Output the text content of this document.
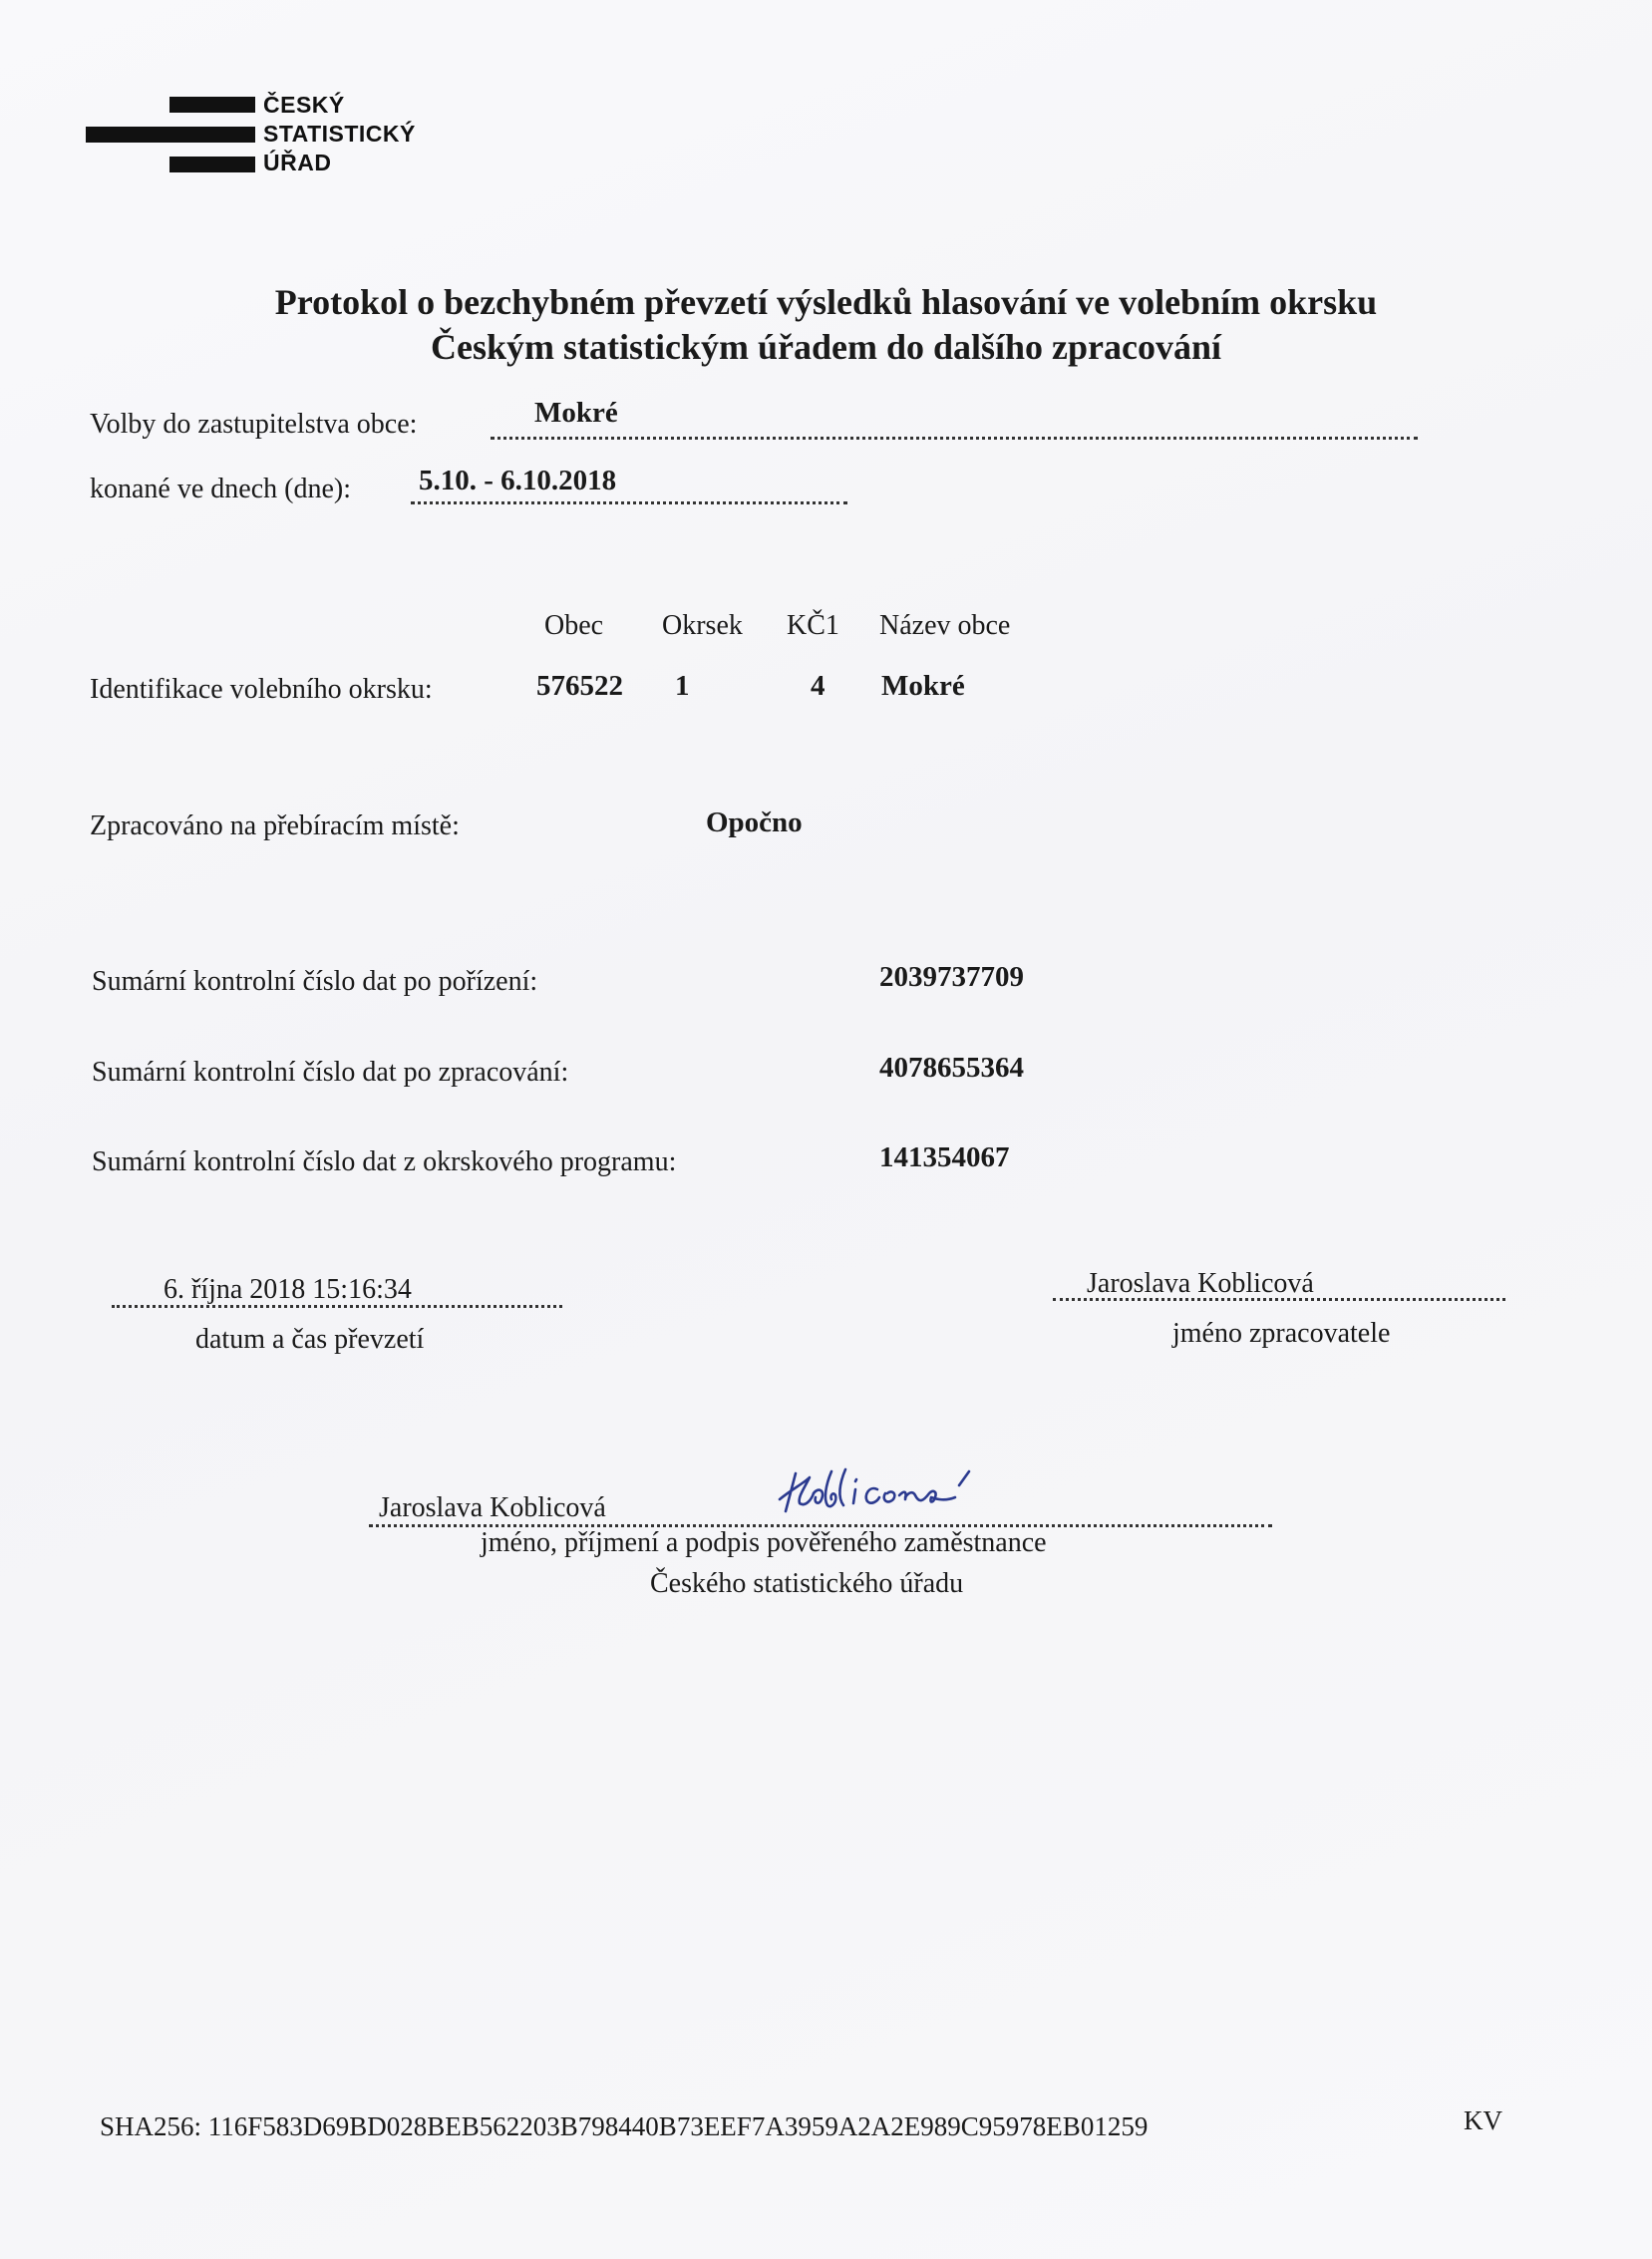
ČESKÝ
STATISTICKÝ
ÚŘAD
Protokol o bezchybném převzetí výsledků hlasování ve volebním okrsku
Českým statistickým úřadem do dalšího zpracování
Volby do zastupitelstva obce:	Mokré
konané ve dnech (dne): 5.10. - 6.10.2018
Obec Okrsek KČ1 Název obce
Identifikace volebního okrsku:	576522 1	4 Mokré
Zpracováno na přebíracím místě:	Opočno
Sumární kontrolní číslo dat po pořízení:	2039737709
Sumární kontrolní číslo dat po zpracování:	4078655364
Sumární kontrolní číslo dat z okrskového programu:	141354067
6. října 2018 15:16:34
datum a čas převzetí
Jaroslava Koblicová
jméno zpracovatele
Jaroslava Koblicová
jméno, příjmení a podpis pověřeného zaměstnance
Českého statistického úřadu
SHA256: 116F583D69BD028BEB562203B798440B73EEF7A3959A2A2E989C95978EB01259	KV
